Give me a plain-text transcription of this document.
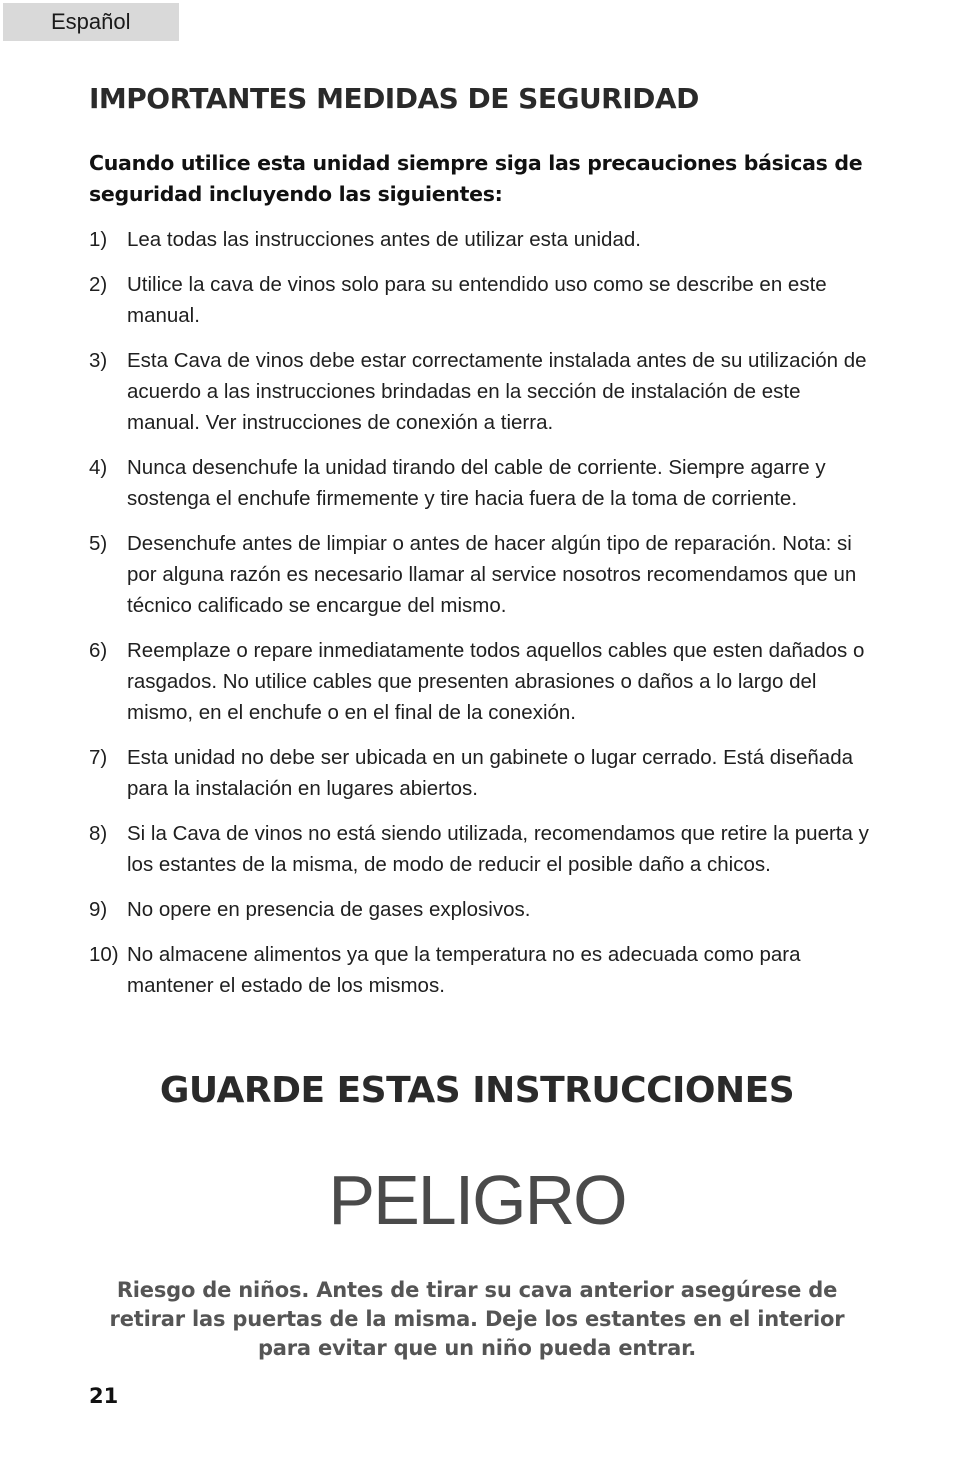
Español
IMPORTANTES MEDIDAS DE SEGURIDAD

Cuando utilice esta unidad siempre siga las precauciones básicas de seguridad incluyendo las siguientes:

1) Lea todas las instrucciones antes de utilizar esta unidad.
2) Utilice la cava de vinos solo para su entendido uso como se describe en este manual.
3) Esta Cava de vinos debe estar correctamente instalada antes de su utilización de acuerdo a las instrucciones brindadas en la sección de instalación de este manual. Ver instrucciones de conexión a tierra.
4) Nunca desenchufe la unidad tirando del cable de corriente. Siempre agarre y sostenga el enchufe firmemente y tire hacia fuera de la toma de corriente.
5) Desenchufe antes de limpiar o antes de hacer algún tipo de reparación. Nota: si por alguna razón es necesario llamar al service nosotros recomendamos que un técnico calificado se encargue del mismo.
6) Reemplaze o repare inmediatamente todos aquellos cables que esten dañados o rasgados. No utilice cables que presenten abrasiones o daños a lo largo del mismo, en el enchufe o en el final de la conexión.
7) Esta unidad no debe ser ubicada en un gabinete o lugar cerrado. Está diseñada para la instalación en lugares abiertos.
8) Si la Cava de vinos no está siendo utilizada, recomendamos que retire la puerta y los estantes de la misma, de modo de reducir el posible daño a chicos.
9) No opere en presencia de gases explosivos.
10) No almacene alimentos ya que la temperatura no es adecuada como para mantener el estado de los mismos.
GUARDE ESTAS INSTRUCCIONES
PELIGRO

Riesgo de niños. Antes de tirar su cava anterior asegúrese de retirar las puertas de la misma. Deje los estantes en el interior para evitar que un niño pueda entrar.

21
